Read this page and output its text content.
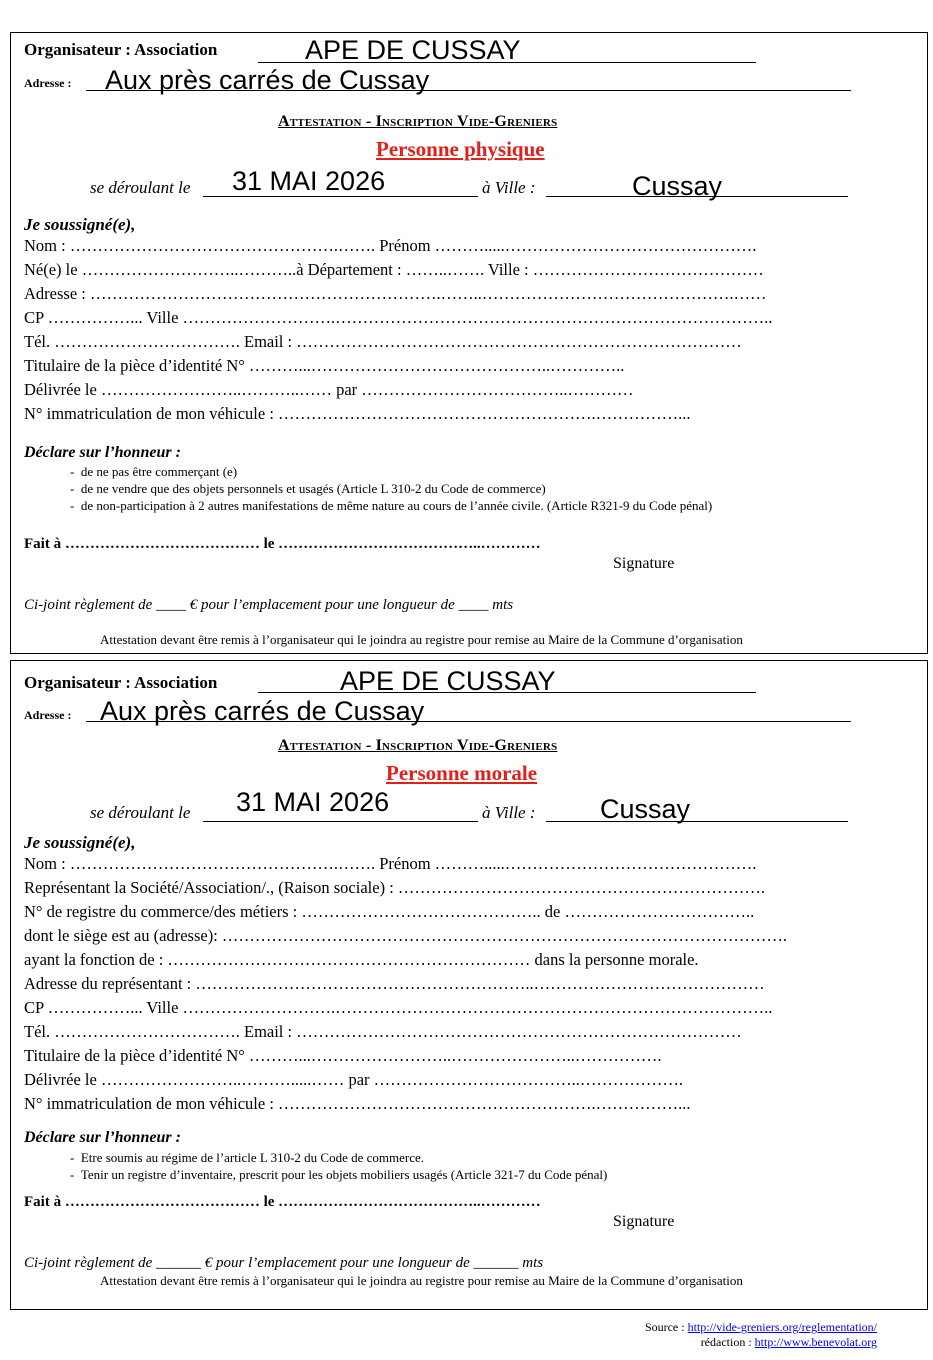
Organisateur : Association	APE DE CUSSAY
Adresse : Aux près carrés de Cussay
Attestation - Inscription Vide-Greniers
Personne physique
se déroulant le 31 MAI 2026	à Ville :	Cussay
Je soussigné(e),
Nom : ………………………………………….……. Prénom ……….....……………………………………….
Né(e) le ………………………..………..à Département : ……..……. Ville : ……………………………………
Adresse : ……………………………………………………….……..……………………………………….……
CP ……………... Ville ……………………….……………………………………………………………………..
Tél. ……………………………. Email : ………………………………………………………………………
Titulaire de la pièce d’identité N° ………...……………………………………..…………..
Délivrée le ……………………..………..…… par ………………………………..…………
N° immatriculation de mon véhicule : ………………………………………………….……………...
Déclare sur l’honneur :
-  de ne pas être commerçant (e)
-  de ne vendre que des objets personnels et usagés (Article L 310-2 du Code de commerce)
-  de non-participation à 2 autres manifestations de même nature au cours de l’année civile. (Article R321-9 du Code pénal)
Fait à ………………………………… le …………………………………..…………
Signature
Ci-joint règlement de ____ € pour l’emplacement pour une longueur de ____ mts
Attestation devant être remis à l’organisateur qui le joindra au registre pour remise au Maire de la Commune d’organisation
Organisateur : Association	APE DE CUSSAY
Adresse : Aux près carrés de Cussay
Attestation - Inscription Vide-Greniers
Personne morale
se déroulant le 31 MAI 2026	à Ville : Cussay
Je soussigné(e),
Nom : ………………………………………….……. Prénom ……….....……………………………………….
Représentant la Société/Association/., (Raison sociale) : ………………………………………………………….
N° de registre du commerce/des métiers : …………………………………….. de ……………………………..
dont le siège est au (adresse): ………………………………………………………………………………………….
ayant la fonction de : ………………………………………………………… dans la personne morale.
Adresse du représentant : ……………………………………………………..……………………………………
CP ……………... Ville ……………………….……………………………………………………………………..
Tél. ……………………………. Email : ………………………………………………………………………
Titulaire de la pièce d’identité N° ………...……………………..…………………..…………….
Délivrée le ……………………..……….....…… par ………………………………..……………….
N° immatriculation de mon véhicule : ………………………………………………….……………...
Déclare sur l’honneur :
-  Etre soumis au régime de l’article L 310-2 du Code de commerce.
-  Tenir un registre d’inventaire, prescrit pour les objets mobiliers usagés (Article 321-7 du Code pénal)
Fait à ………………………………… le …………………………………..…………
Signature
Ci-joint règlement de ______ € pour l’emplacement pour une longueur de ______ mts
Attestation devant être remis à l’organisateur qui le joindra au registre pour remise au Maire de la Commune d’organisation
Source : http://vide-greniers.org/reglementation/
rédaction : http://www.benevolat.org
